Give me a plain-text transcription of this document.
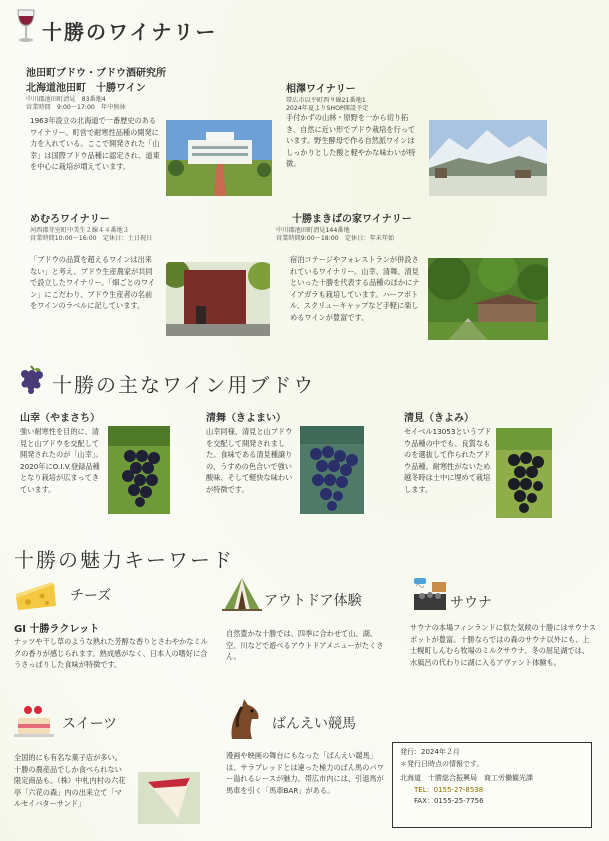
十勝のワイナリー
池田町ブドウ・ブドウ酒研究所
北海道池田町　十勝ワイン
中川郡池田町清見　83番地4
営業時間　9:00～17:00　年中無休
1963年設立の北海道で一番歴史のあるワイナリー。町営で耐寒性品種の開発に力を入れている。ここで開発された「山幸」は国際ブドウ品種に認定され、道東を中心に栽培が増えています。
相澤ワイナリー
帯広市以平町西９線21番地1
2024年夏よりSHOP開設予定
手付かずの山林・原野を一から切り拓き、自然に近い形でブドウ栽培を行っています。野生酵母で作る自然派ワインはしっかりとした酸と軽やかな味わいが特徴。
めむろワイナリー
河西郡芽室町中美生２線４４番地３
営業時間10:00～16:00　定休日：土日祝日
「ブドウの品質を超えるワインは出来ない」と考え、ブドウ生産農家が共同で設立したワイナリー。「畑ごとのワイン」にこだわり、ブドウ生産者の名前をワインのラベルに記しています。
十勝まきばの家ワイナリー
中川郡池田町清見144番地
営業時間9:00～18:00　定休日：年末年始
宿泊コテージやフォレストランが併設されているワイナリー。山幸、清舞、清見といった十勝を代表する品種のほかにナイアガラも栽培しています。ハーフボトル、スクリューキャップなど手軽に楽しめるワインが豊富です。
十勝の主なワイン用ブドウ
山幸（やまさち）
強い耐寒性を目的に、清見と山ブドウを交配して開発されたのが「山幸」。2020年にO.I.V.登録品種となり栽培が広まってきています。
清舞（きよまい）
山幸同様、清見と山ブドウを交配して開発されました。食味である清見種譲りの、うすめの色合いで強い酸味、そして軽快な味わいが特徴です。
清見（きよみ）
セイベル13053というブドウ品種の中でも、良質なものを選抜して作られたブドウ品種。耐寒性がないため越冬時は土中に埋めて栽培します。
十勝の魅力キーワード
チーズ
GI 十勝ラクレット
ナッツや干し草のような熟れた芳醇な香りとさわやかなミルクの香りが感じられます。熟成感がなく、日本人の嗜好に合うさっぱりした食味が特徴です。
アウトドア体験
自然豊かな十勝では、四季に合わせて山、湖、空、川などで遊べるアウトドアメニューがたくさん。
サウナ
サウナの本場フィンランドに似た気候の十勝にはサウナスポットが豊富。十勝ならではの森のサウナ以外にも、上士幌町しんむら牧場のミルクサウナ、冬の屈足湖では、水風呂の代わりに湖に入るアヴァント体験も。
スイーツ
全国的にも有名な菓子店が多い。十勝の農産品でしか食べられない限定商品も。（株）中札内村の六花亭「六花の森」内の出来立て「マルセイバターサンド」
ばんえい競馬
漫画や映画の舞台にもなった「ばんえい競馬」は、サラブレッドとは違った極力のばん馬のパワー溢れるレースが魅力。帯広市内には、引退馬が馬車を引く「馬車BAR」がある。
発行：2024年２月
＊発行日時点の情報です。
北海道　十勝総合振興局　商工労働観光課
TEL：0155-27-8538
FAX：0155-25-7756
